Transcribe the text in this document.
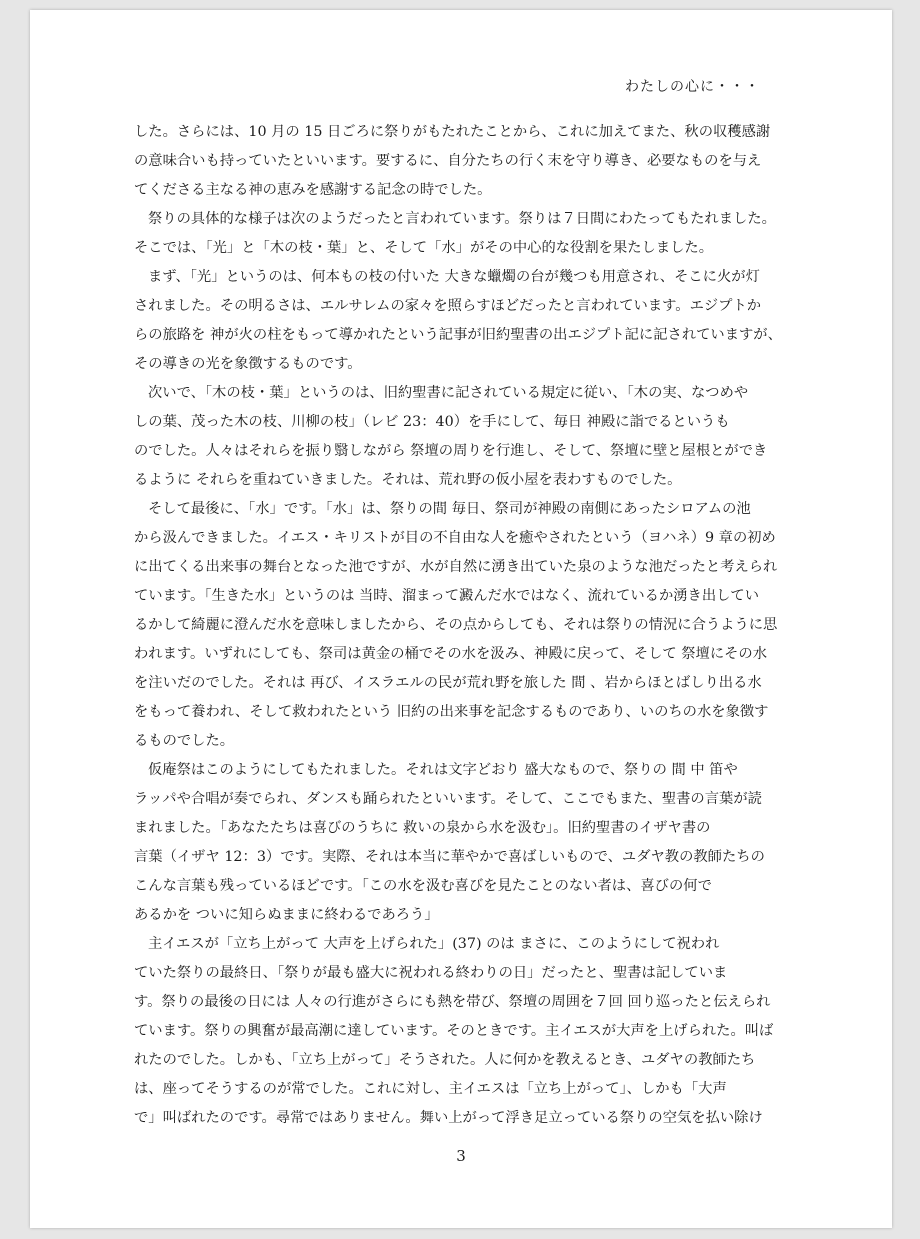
わたしの心に・・・
した。さらには、10 月の 15 日ごろに祭りがもたれたことから、これに加えてまた、秋の収穫感謝
の意味合いも持っていたといいます。要するに、自分たちの行く末を守り導き、必要なものを与え
てくださる主なる神の恵みを感謝する記念の時でした。
祭りの具体的な様子は次のようだったと言われています。祭りは７日間にわたってもたれました。
そこでは、「光」と「木の枝・葉」と、そして「水」がその中心的な役割を果たしました。
まず、「光」というのは、何本もの枝の付いた 大きな蠟燭の台が幾つも用意され、そこに火が灯
されました。その明るさは、エルサレムの家々を照らすほどだったと言われています。エジプトか
らの旅路を 神が火の柱をもって導かれたという記事が旧約聖書の出エジプト記に記されていますが、
その導きの光を象徴するものです。
次いで、「木の枝・葉」というのは、旧約聖書に記されている規定に従い、「木の実、なつめや
しの葉、茂った木の枝、川柳の枝」（レビ 23：40）を手にして、毎日 神殿に詣でるというも
のでした。人々はそれらを振り翳しながら 祭壇の周りを行進し、そして、祭壇に壁と屋根とができ
るように それらを重ねていきました。それは、荒れ野の仮小屋を表わすものでした。
そして最後に、「水」です。「水」は、祭りの間 毎日、祭司が神殿の南側にあったシロアムの池
から汲んできました。イエス・キリストが目の不自由な人を癒やされたという（ヨハネ）9 章の初め
に出てくる出来事の舞台となった池ですが、水が自然に湧き出ていた泉のような池だったと考えられ
ています。「生きた水」というのは 当時、溜まって澱んだ水ではなく、流れているか湧き出してい
るかして綺麗に澄んだ水を意味しましたから、その点からしても、それは祭りの情況に合うように思
われます。いずれにしても、祭司は黄金の桶でその水を汲み、神殿に戻って、そして 祭壇にその水
を注いだのでした。それは 再び、イスラエルの民が荒れ野を旅した 間 、岩からほとばしり出る水
をもって養われ、そして救われたという 旧約の出来事を記念するものであり、いのちの水を象徴す
るものでした。
仮庵祭はこのようにしてもたれました。それは文字どおり 盛大なもので、祭りの 間 中 笛や
ラッパや合唱が奏でられ、ダンスも踊られたといいます。そして、ここでもまた、聖書の言葉が読
まれました。「あなたたちは喜びのうちに 救いの泉から水を汲む」。旧約聖書のイザヤ書の
言葉（イザヤ 12：3）です。実際、それは本当に華やかで喜ばしいもので、ユダヤ教の教師たちの
こんな言葉も残っているほどです。「この水を汲む喜びを見たことのない者は、喜びの何で
あるかを ついに知らぬままに終わるであろう」
主イエスが「立ち上がって 大声を上げられた」(37) のは まさに、このようにして祝われ
ていた祭りの最終日、「祭りが最も盛大に祝われる終わりの日」だったと、聖書は記していま
す。祭りの最後の日には 人々の行進がさらにも熱を帯び、祭壇の周囲を７回 回り巡ったと伝えられ
ています。祭りの興奮が最高潮に達しています。そのときです。主イエスが大声を上げられた。叫ば
れたのでした。しかも、「立ち上がって」そうされた。人に何かを教えるとき、ユダヤの教師たち
は、座ってそうするのが常でした。これに対し、主イエスは「立ち上がって」、しかも「大声
で」叫ばれたのです。尋常ではありません。舞い上がって浮き足立っている祭りの空気を払い除け
3
